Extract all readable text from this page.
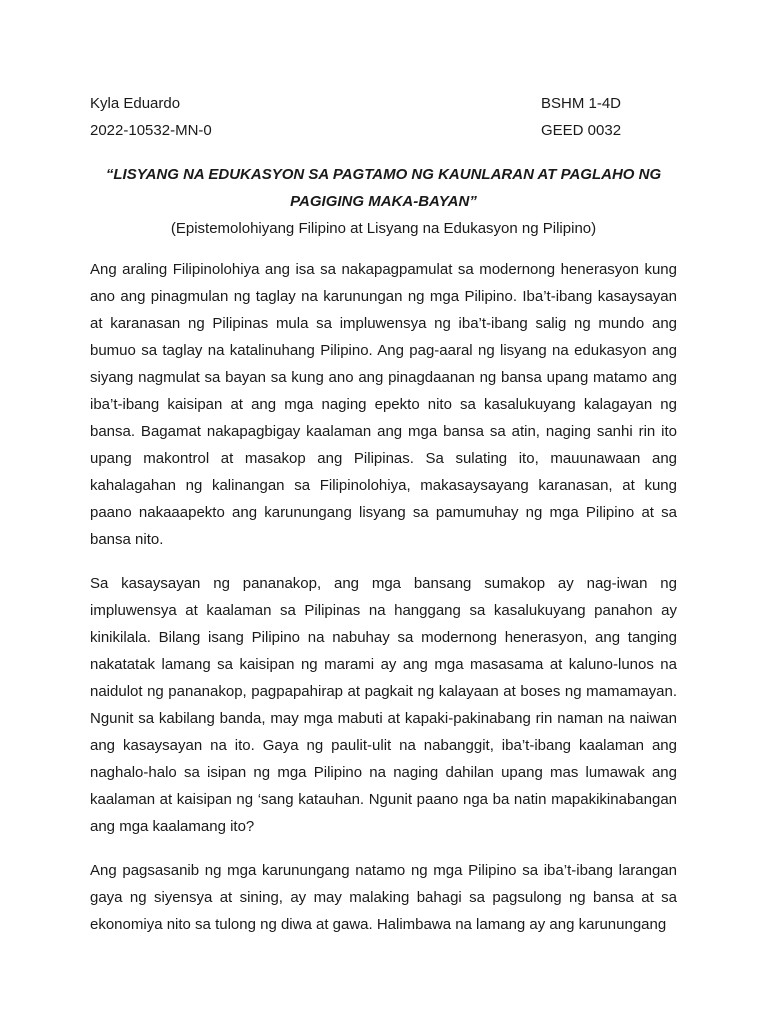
Kyla Eduardo	BSHM 1-4D
2022-10532-MN-0	GEED 0032
“LISYANG NA EDUKASYON SA PAGTAMO NG KAUNLARAN AT PAGLAHO NG
PAGIGING MAKA-BAYAN”
(Epistemolohiyang Filipino at Lisyang na Edukasyon ng Pilipino)

Ang araling Filipinolohiya ang isa sa nakapagpamulat sa modernong henerasyon kung ano ang pinagmulan ng taglay na karunungan ng mga Pilipino. Iba’t-ibang kasaysayan at karanasan ng Pilipinas mula sa impluwensya ng iba’t-ibang salig ng mundo ang bumuo sa taglay na katalinuhang Pilipino. Ang pag-aaral ng lisyang na edukasyon ang siyang nagmulat sa bayan sa kung ano ang pinagdaanan ng bansa upang matamo ang iba’t-ibang kaisipan at ang mga naging epekto nito sa kasalukuyang kalagayan ng bansa. Bagamat nakapagbigay kaalaman ang mga bansa sa atin, naging sanhi rin ito upang makontrol at masakop ang Pilipinas. Sa sulating ito, mauunawaan ang kahalagahan ng kalinangan sa Filipinolohiya, makasaysayang karanasan, at kung paano nakaaapekto ang karunungang lisyang sa pamumuhay ng mga Pilipino at sa bansa nito.

Sa kasaysayan ng pananakop, ang mga bansang sumakop ay nag-iwan ng impluwensya at kaalaman sa Pilipinas na hanggang sa kasalukuyang panahon ay kinikilala. Bilang isang Pilipino na nabuhay sa modernong henerasyon, ang tanging nakatatak lamang sa kaisipan ng marami ay ang mga masasama at kaluno-lunos na naidulot ng pananakop, pagpapahirap at pagkait ng kalayaan at boses ng mamamayan. Ngunit sa kabilang banda, may mga mabuti at kapaki-pakinabang rin naman na naiwan ang kasaysayan na ito. Gaya ng paulit-ulit na nabanggit, iba’t-ibang kaalaman ang naghalo-halo sa isipan ng mga Pilipino na naging dahilan upang mas lumawak ang kaalaman at kaisipan ng ‘sang katauhan. Ngunit paano nga ba natin mapakikinabangan ang mga kaalamang ito?

Ang pagsasanib ng mga karunungang natamo ng mga Pilipino sa iba’t-ibang larangan gaya ng siyensya at sining, ay may malaking bahagi sa pagsulong ng bansa at sa ekonomiya nito sa tulong ng diwa at gawa. Halimbawa na lamang ay ang karunungang
